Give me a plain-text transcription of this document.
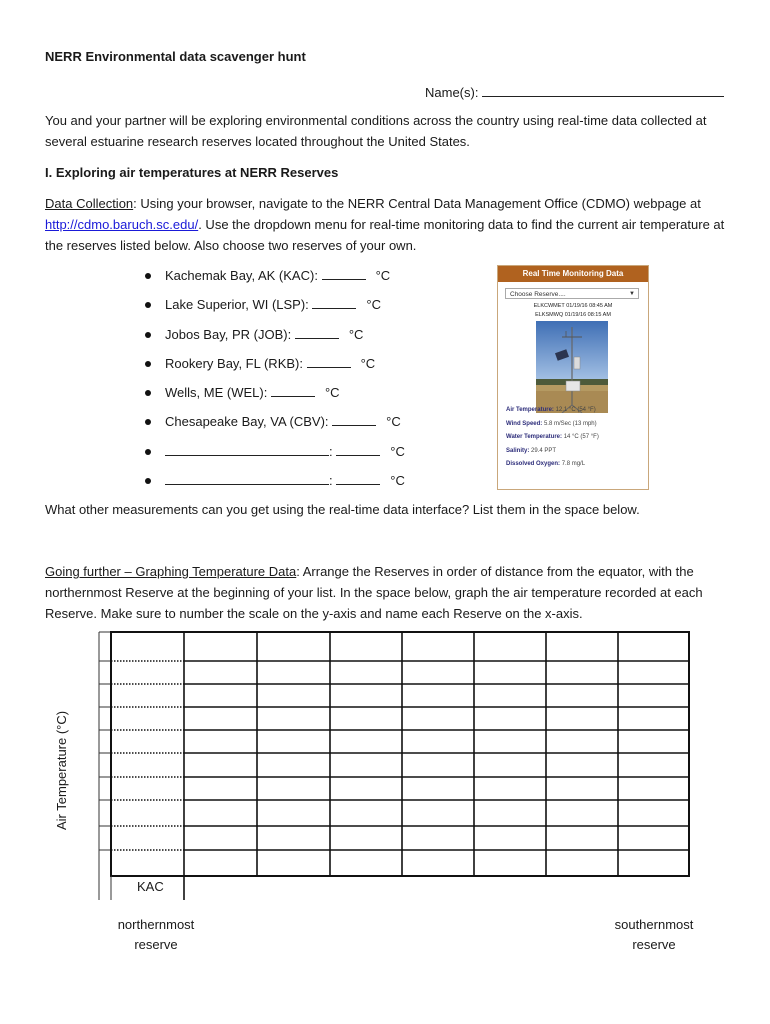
NERR Environmental data scavenger hunt
Name(s):
You and your partner will be exploring environmental conditions across the country using real-time data collected at several estuarine research reserves located throughout the United States.
I. Exploring air temperatures at NERR Reserves
Data Collection: Using your browser, navigate to the NERR Central Data Management Office (CDMO) webpage at http://cdmo.baruch.sc.edu/. Use the dropdown menu for real-time monitoring data to find the current air temperature at the reserves listed below. Also choose two reserves of your own.
Kachemak Bay, AK (KAC):	°C
Lake Superior, WI (LSP):	°C
Jobos Bay, PR (JOB):	°C
Rookery Bay, FL (RKB):	°C
Wells, ME (WEL):	°C
Chesapeake Bay, VA (CBV):	°C
:	°C
:	°C
Real Time Monitoring Data
Choose Reserve....	▼
ELKCWMET 01/19/16 08:45 AM
ELKSMWQ 01/19/16 08:15 AM
Air Temperature: 12.1 °C (54 °F)
Wind Speed: 5.8 m/Sec (13 mph)
Water Temperature: 14 °C (57 °F)
Salinity: 29.4 PPT
Dissolved Oxygen: 7.8 mg/L
What other measurements can you get using the real-time data interface? List them in the space below.
Going further – Graphing Temperature Data: Arrange the Reserves in order of distance from the equator, with the northernmost Reserve at the beginning of your list. In the space below, graph the air temperature recorded at each Reserve. Make sure to number the scale on the y-axis and name each Reserve on the x-axis.
Air Temperature (°C)
KAC
northernmost
reserve
southernmost
reserve
